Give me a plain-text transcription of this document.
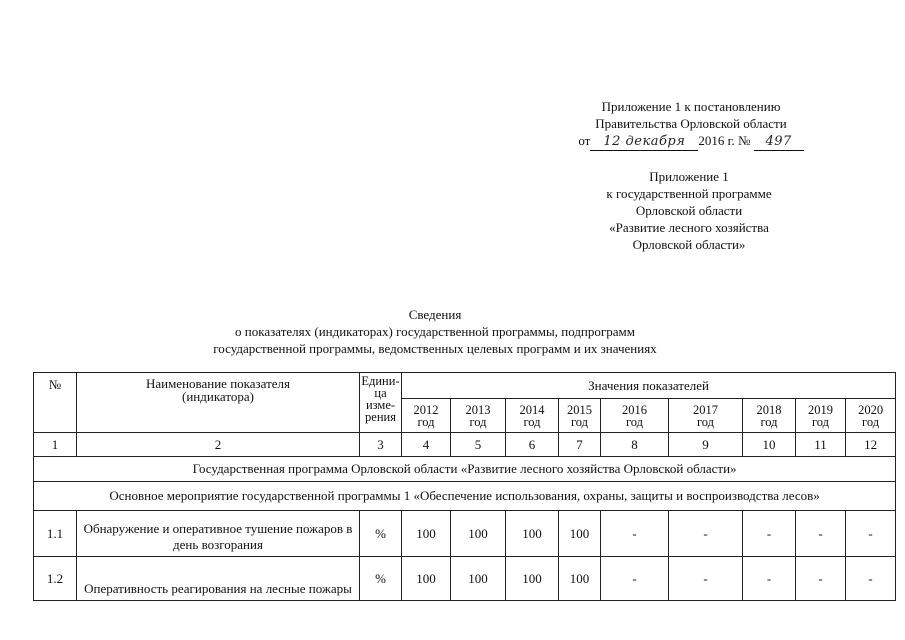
Приложение 1 к постановлению
Правительства Орловской области
от 12 декабря 2016 г. № 497
Приложение 1
к государственной программе
Орловской области
«Развитие лесного хозяйства
Орловской области»
Сведения
о показателях (индикаторах) государственной программы, подпрограмм
государственной программы, ведомственных целевых программ и их значениях
№	Наименование показателя (индикатора)	Едини-ца изме-рения	Значения показателей								
			2012 год	2013 год	2014 год	2015 год	2016 год	2017 год	2018 год	2019 год	2020 год
1	2	3	4	5	6	7	8	9	10	11	12
Государственная программа Орловской области «Развитие лесного хозяйства Орловской области»											
Основное мероприятие государственной программы 1 «Обеспечение использования, охраны, защиты и воспроизводства лесов»											
1.1	Обнаружение и оперативное тушение пожаров в день возгорания	%	100	100	100	100	-	-	-	-	-
1.2	Оперативность реагирования на лесные пожары	%	100	100	100	100	-	-	-	-	-
